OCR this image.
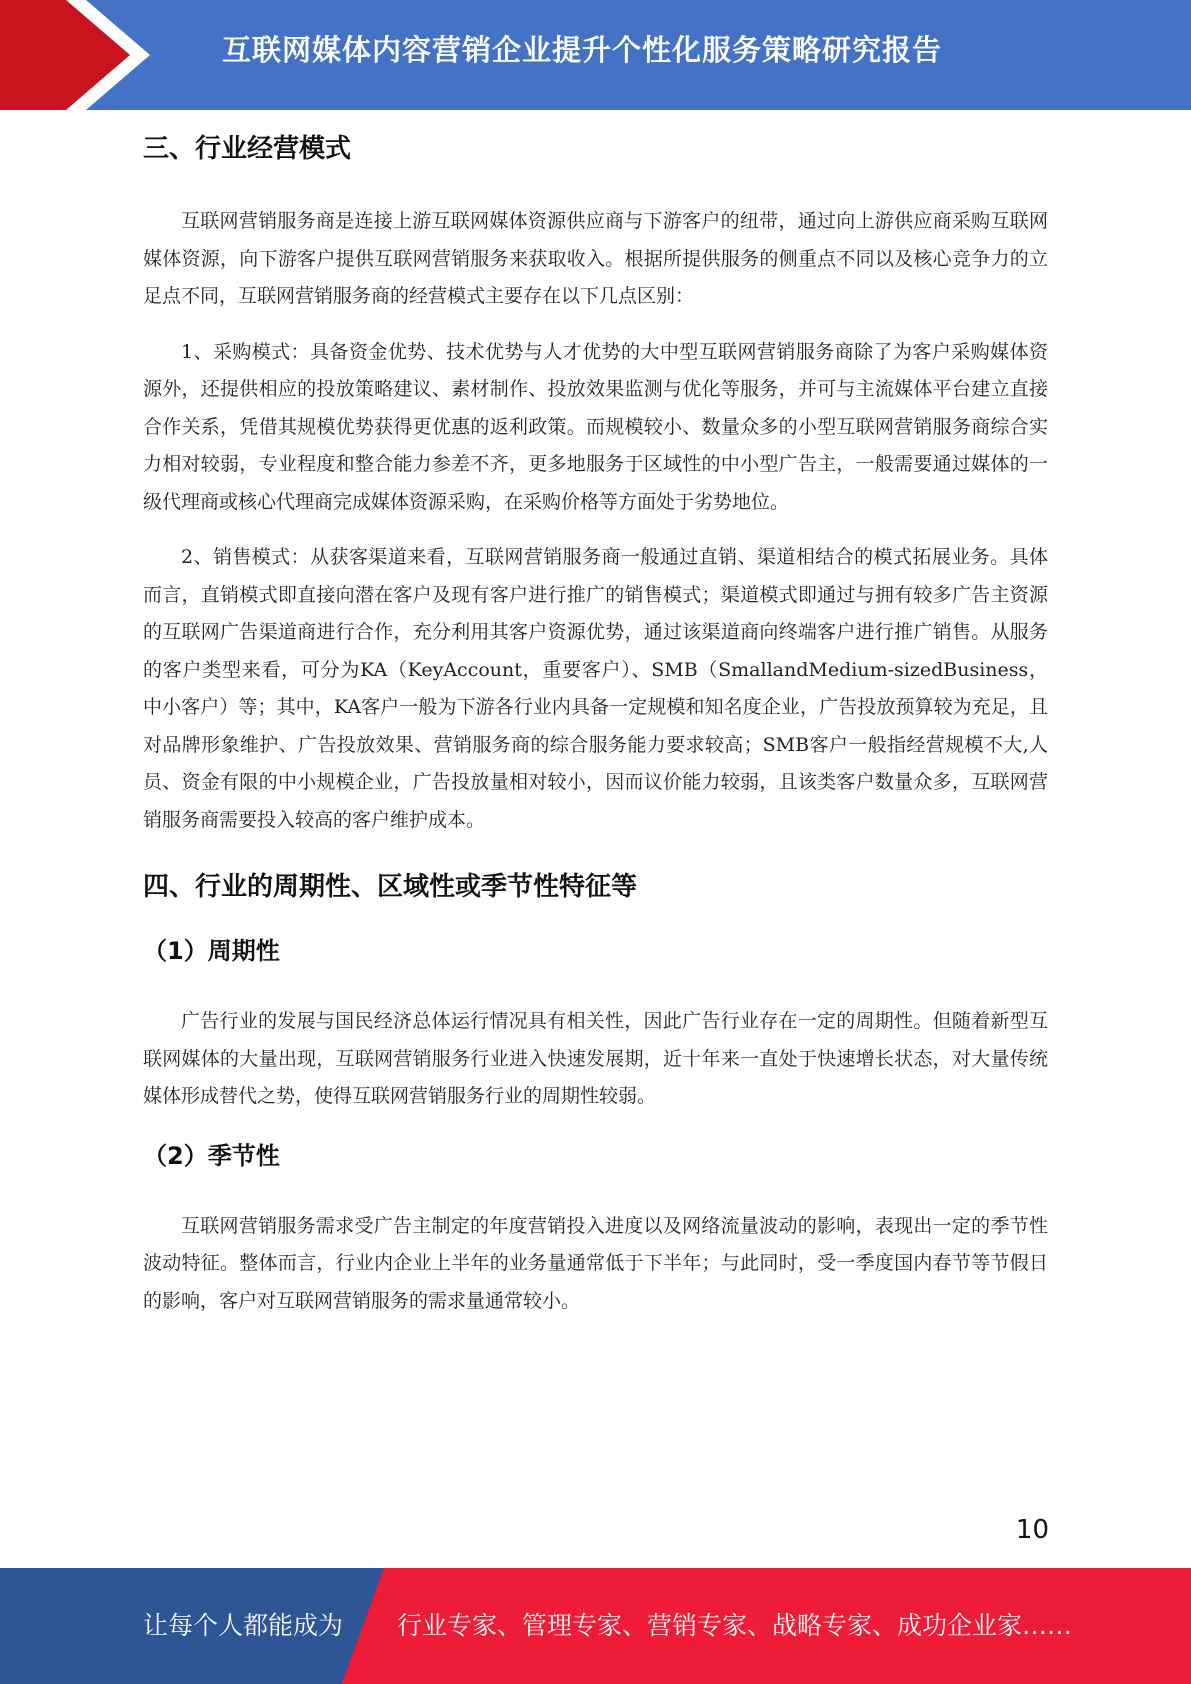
互联网媒体内容营销企业提升个性化服务策略研究报告
三、行业经营模式

互联网营销服务商是连接上游互联网媒体资源供应商与下游客户的纽带，通过向上游供应商采购互联网媒体资源，向下游客户提供互联网营销服务来获取收入。根据所提供服务的侧重点不同以及核心竞争力的立足点不同，互联网营销服务商的经营模式主要存在以下几点区别：

1、采购模式：具备资金优势、技术优势与人才优势的大中型互联网营销服务商除了为客户采购媒体资源外，还提供相应的投放策略建议、素材制作、投放效果监测与优化等服务，并可与主流媒体平台建立直接合作关系，凭借其规模优势获得更优惠的返利政策。而规模较小、数量众多的小型互联网营销服务商综合实力相对较弱，专业程度和整合能力参差不齐，更多地服务于区域性的中小型广告主，一般需要通过媒体的一级代理商或核心代理商完成媒体资源采购，在采购价格等方面处于劣势地位。

2、销售模式：从获客渠道来看，互联网营销服务商一般通过直销、渠道相结合的模式拓展业务。具体而言，直销模式即直接向潜在客户及现有客户进行推广的销售模式；渠道模式即通过与拥有较多广告主资源的互联网广告渠道商进行合作，充分利用其客户资源优势，通过该渠道商向终端客户进行推广销售。从服务的客户类型来看，可分为KA（KeyAccount，重要客户）、SMB（SmallandMedium-sizedBusiness，中小客户）等；其中，KA客户一般为下游各行业内具备一定规模和知名度企业，广告投放预算较为充足，且对品牌形象维护、广告投放效果、营销服务商的综合服务能力要求较高；SMB客户一般指经营规模不大,人员、资金有限的中小规模企业，广告投放量相对较小，因而议价能力较弱，且该类客户数量众多，互联网营销服务商需要投入较高的客户维护成本。

四、行业的周期性、区域性或季节性特征等
（1）周期性

广告行业的发展与国民经济总体运行情况具有相关性，因此广告行业存在一定的周期性。但随着新型互联网媒体的大量出现，互联网营销服务行业进入快速发展期，近十年来一直处于快速增长状态，对大量传统媒体形成替代之势，使得互联网营销服务行业的周期性较弱。

（2）季节性

互联网营销服务需求受广告主制定的年度营销投入进度以及网络流量波动的影响，表现出一定的季节性波动特征。整体而言，行业内企业上半年的业务量通常低于下半年；与此同时，受一季度国内春节等节假日的影响，客户对互联网营销服务的需求量通常较小。

10
让每个人都能成为 行业专家、管理专家、营销专家、战略专家、成功企业家……
